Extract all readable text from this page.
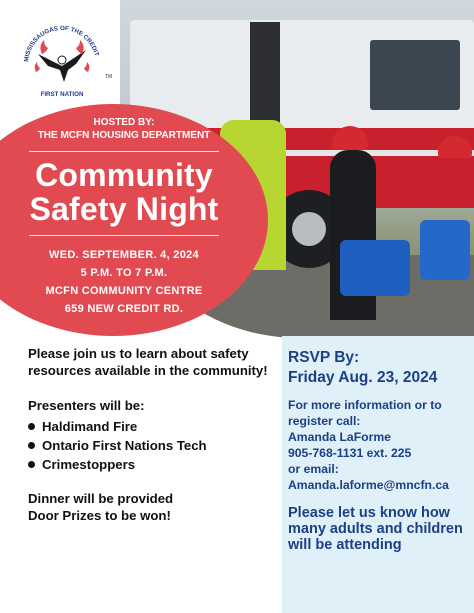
MISSISSAUGAS OF THE CREDIT
FIRST NATION
TM
HOSTED BY:
THE MCFN HOUSING DEPARTMENT
Community
Safety Night
WED. SEPTEMBER. 4, 2024
5 P.M. TO 7 P.M.
MCFN COMMUNITY CENTRE
659 NEW CREDIT RD.

Please join us to learn about safety resources available in the community!

Presenters will be:

Haldimand Fire
Ontario First Nations Tech
Crimestoppers

Dinner will be provided

Door Prizes to be won!

RSVP By:
Friday Aug. 23, 2024
For more information or to
register call:
Amanda LaForme
905-768-1131 ext. 225
or email:
Amanda.laforme@mncfn.ca
Please let us know how many adults and children will be attending
